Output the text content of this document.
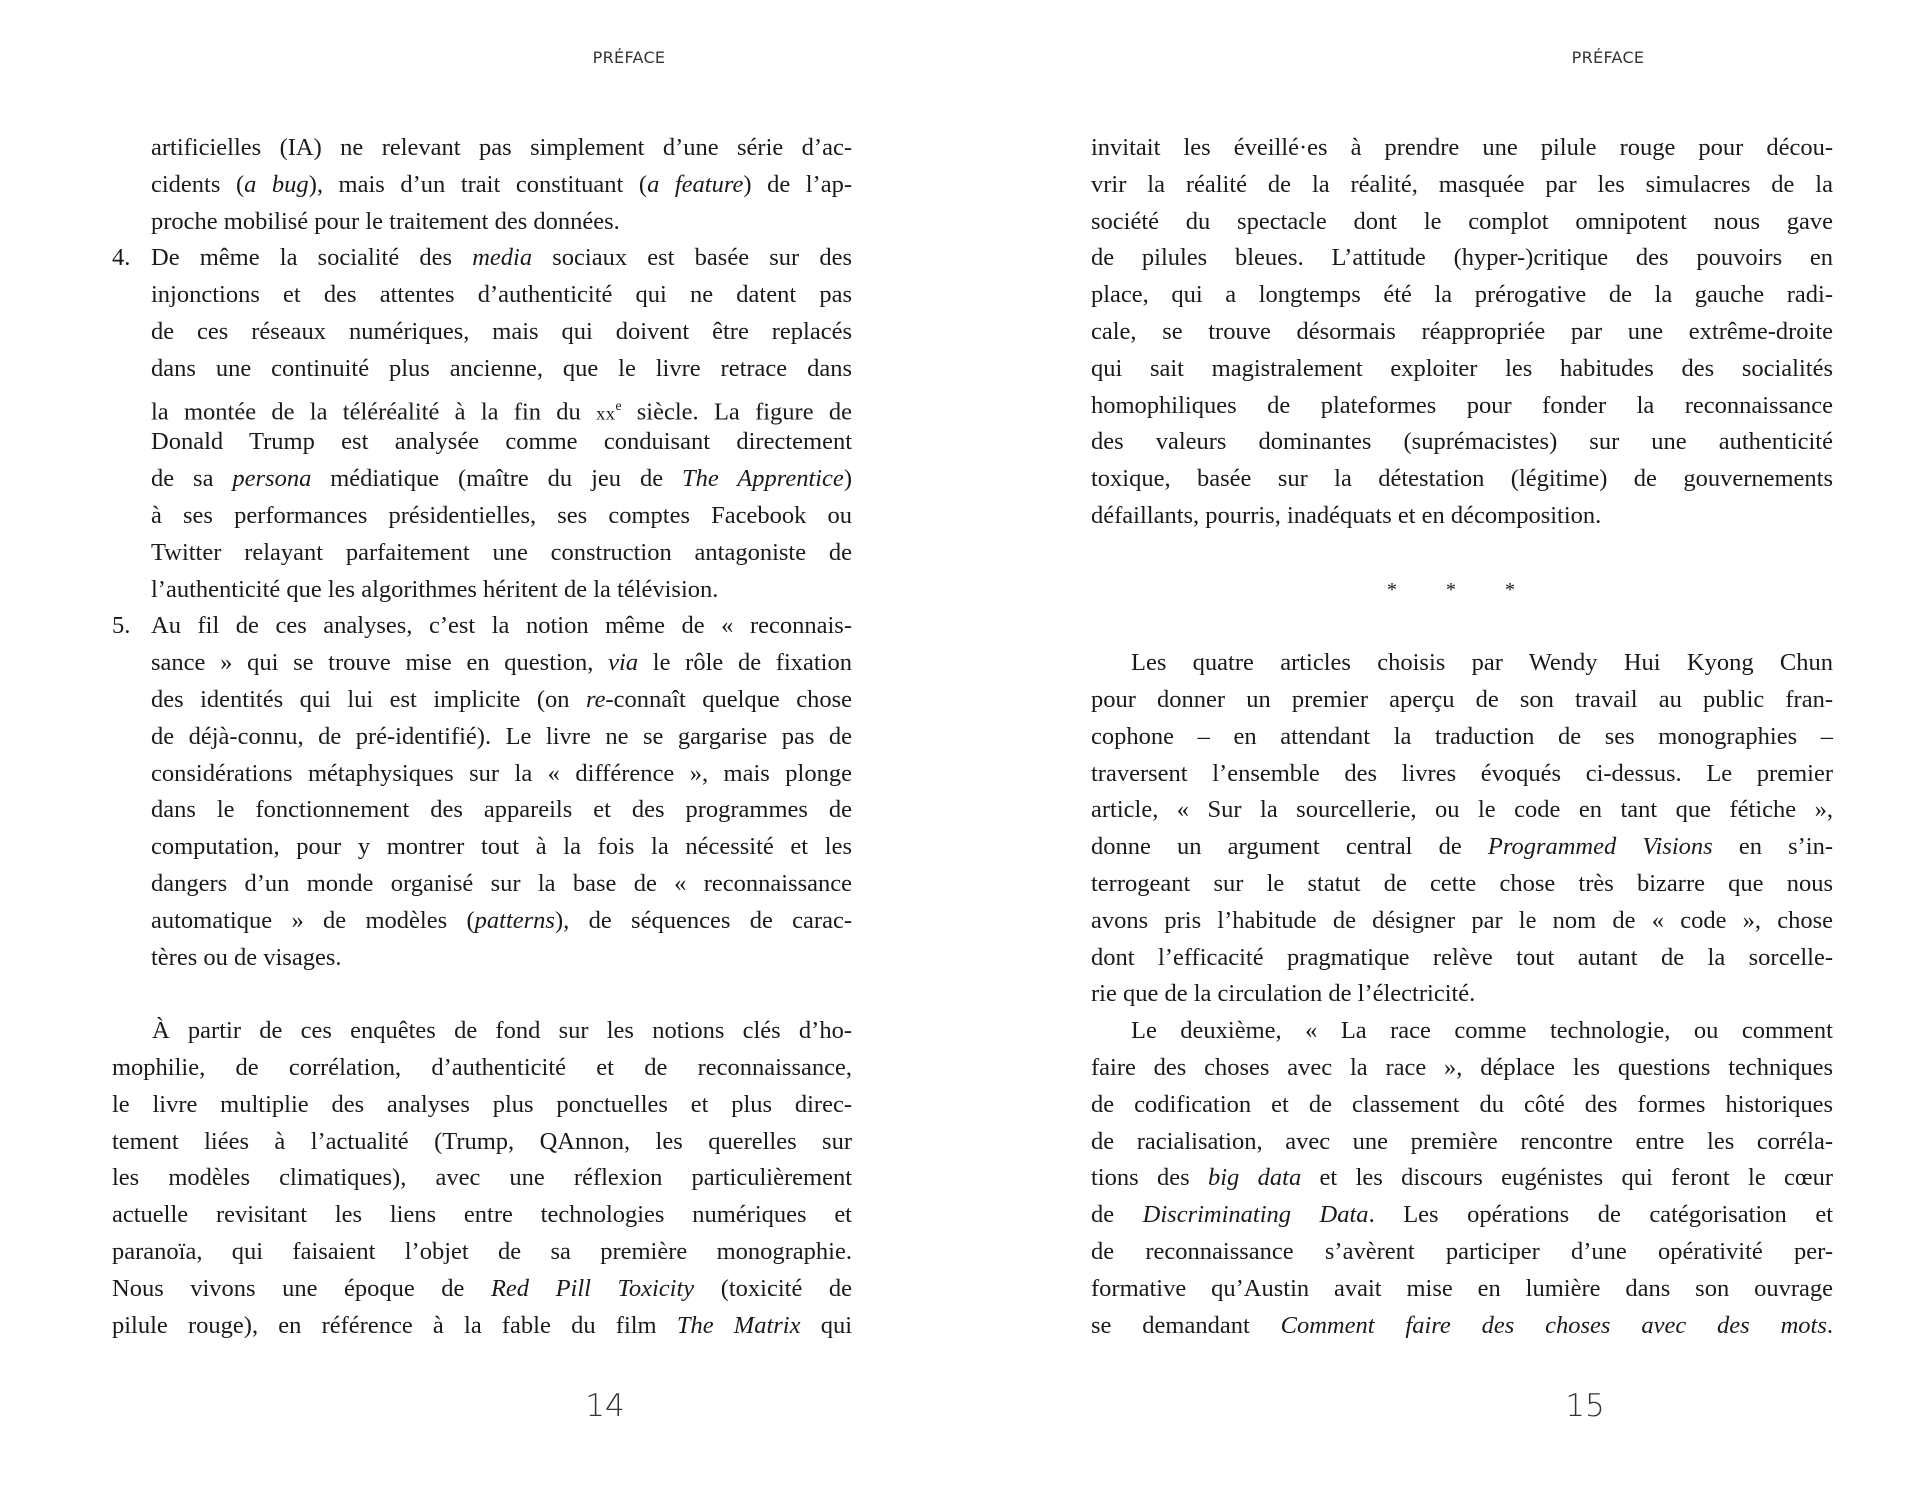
PRÉFACE	PRÉFACE
artificielles (IA) ne relevant pas simplement d’une série d’ac-
cidents (a bug), mais d’un trait constituant (a feature) de l’ap-
proche mobilisé pour le traitement des données.
4. De même la socialité des media sociaux est basée sur des
injonctions et des attentes d’authenticité qui ne datent pas
de ces réseaux numériques, mais qui doivent être replacés
dans une continuité plus ancienne, que le livre retrace dans
la montée de la téléréalité à la fin du $xx^e$ siècle. La figure de
Donald Trump est analysée comme conduisant directement
de sa persona médiatique (maître du jeu de The Apprentice)
à ses performances présidentielles, ses comptes Facebook ou
Twitter relayant parfaitement une construction antagoniste de
l’authenticité que les algorithmes héritent de la télévision.
5. Au fil de ces analyses, c’est la notion même de « reconnais-
sance » qui se trouve mise en question, via le rôle de fixation
des identités qui lui est implicite (on re-connaît quelque chose
de déjà-connu, de pré-identifié). Le livre ne se gargarise pas de
considérations métaphysiques sur la « différence », mais plonge
dans le fonctionnement des appareils et des programmes de
computation, pour y montrer tout à la fois la nécessité et les
dangers d’un monde organisé sur la base de « reconnaissance
automatique » de modèles (patterns), de séquences de carac-
tères ou de visages.
À partir de ces enquêtes de fond sur les notions clés d’ho-
mophilie, de corrélation, d’authenticité et de reconnaissance,
le livre multiplie des analyses plus ponctuelles et plus direc-
tement liées à l’actualité (Trump, QAnnon, les querelles sur
les modèles climatiques), avec une réflexion particulièrement
actuelle revisitant les liens entre technologies numériques et
paranoïa, qui faisaient l’objet de sa première monographie.
Nous vivons une époque de Red Pill Toxicity (toxicité de
pilule rouge), en référence à la fable du film The Matrix qui
invitait les éveillé·es à prendre une pilule rouge pour décou-
vrir la réalité de la réalité, masquée par les simulacres de la
société du spectacle dont le complot omnipotent nous gave
de pilules bleues. L’attitude (hyper-)critique des pouvoirs en
place, qui a longtemps été la prérogative de la gauche radi-
cale, se trouve désormais réappropriée par une extrême-droite
qui sait magistralement exploiter les habitudes des socialités
homophiliques de plateformes pour fonder la reconnaissance
des valeurs dominantes (suprémacistes) sur une authenticité
toxique, basée sur la détestation (légitime) de gouvernements
défaillants, pourris, inadéquats et en décomposition.
* * *
Les quatre articles choisis par Wendy Hui Kyong Chun
pour donner un premier aperçu de son travail au public fran-
cophone – en attendant la traduction de ses monographies –
traversent l’ensemble des livres évoqués ci-dessus. Le premier
article, « Sur la sourcellerie, ou le code en tant que fétiche »,
donne un argument central de Programmed Visions en s’in-
terrogeant sur le statut de cette chose très bizarre que nous
avons pris l’habitude de désigner par le nom de « code », chose
dont l’efficacité pragmatique relève tout autant de la sorcelle-
rie que de la circulation de l’électricité.
Le deuxième, « La race comme technologie, ou comment
faire des choses avec la race », déplace les questions techniques
de codification et de classement du côté des formes historiques
de racialisation, avec une première rencontre entre les corréla-
tions des big data et les discours eugénistes qui feront le cœur
de Discriminating Data. Les opérations de catégorisation et
de reconnaissance s’avèrent participer d’une opérativité per-
formative qu’Austin avait mise en lumière dans son ouvrage
se demandant Comment faire des choses avec des mots.
14	15
